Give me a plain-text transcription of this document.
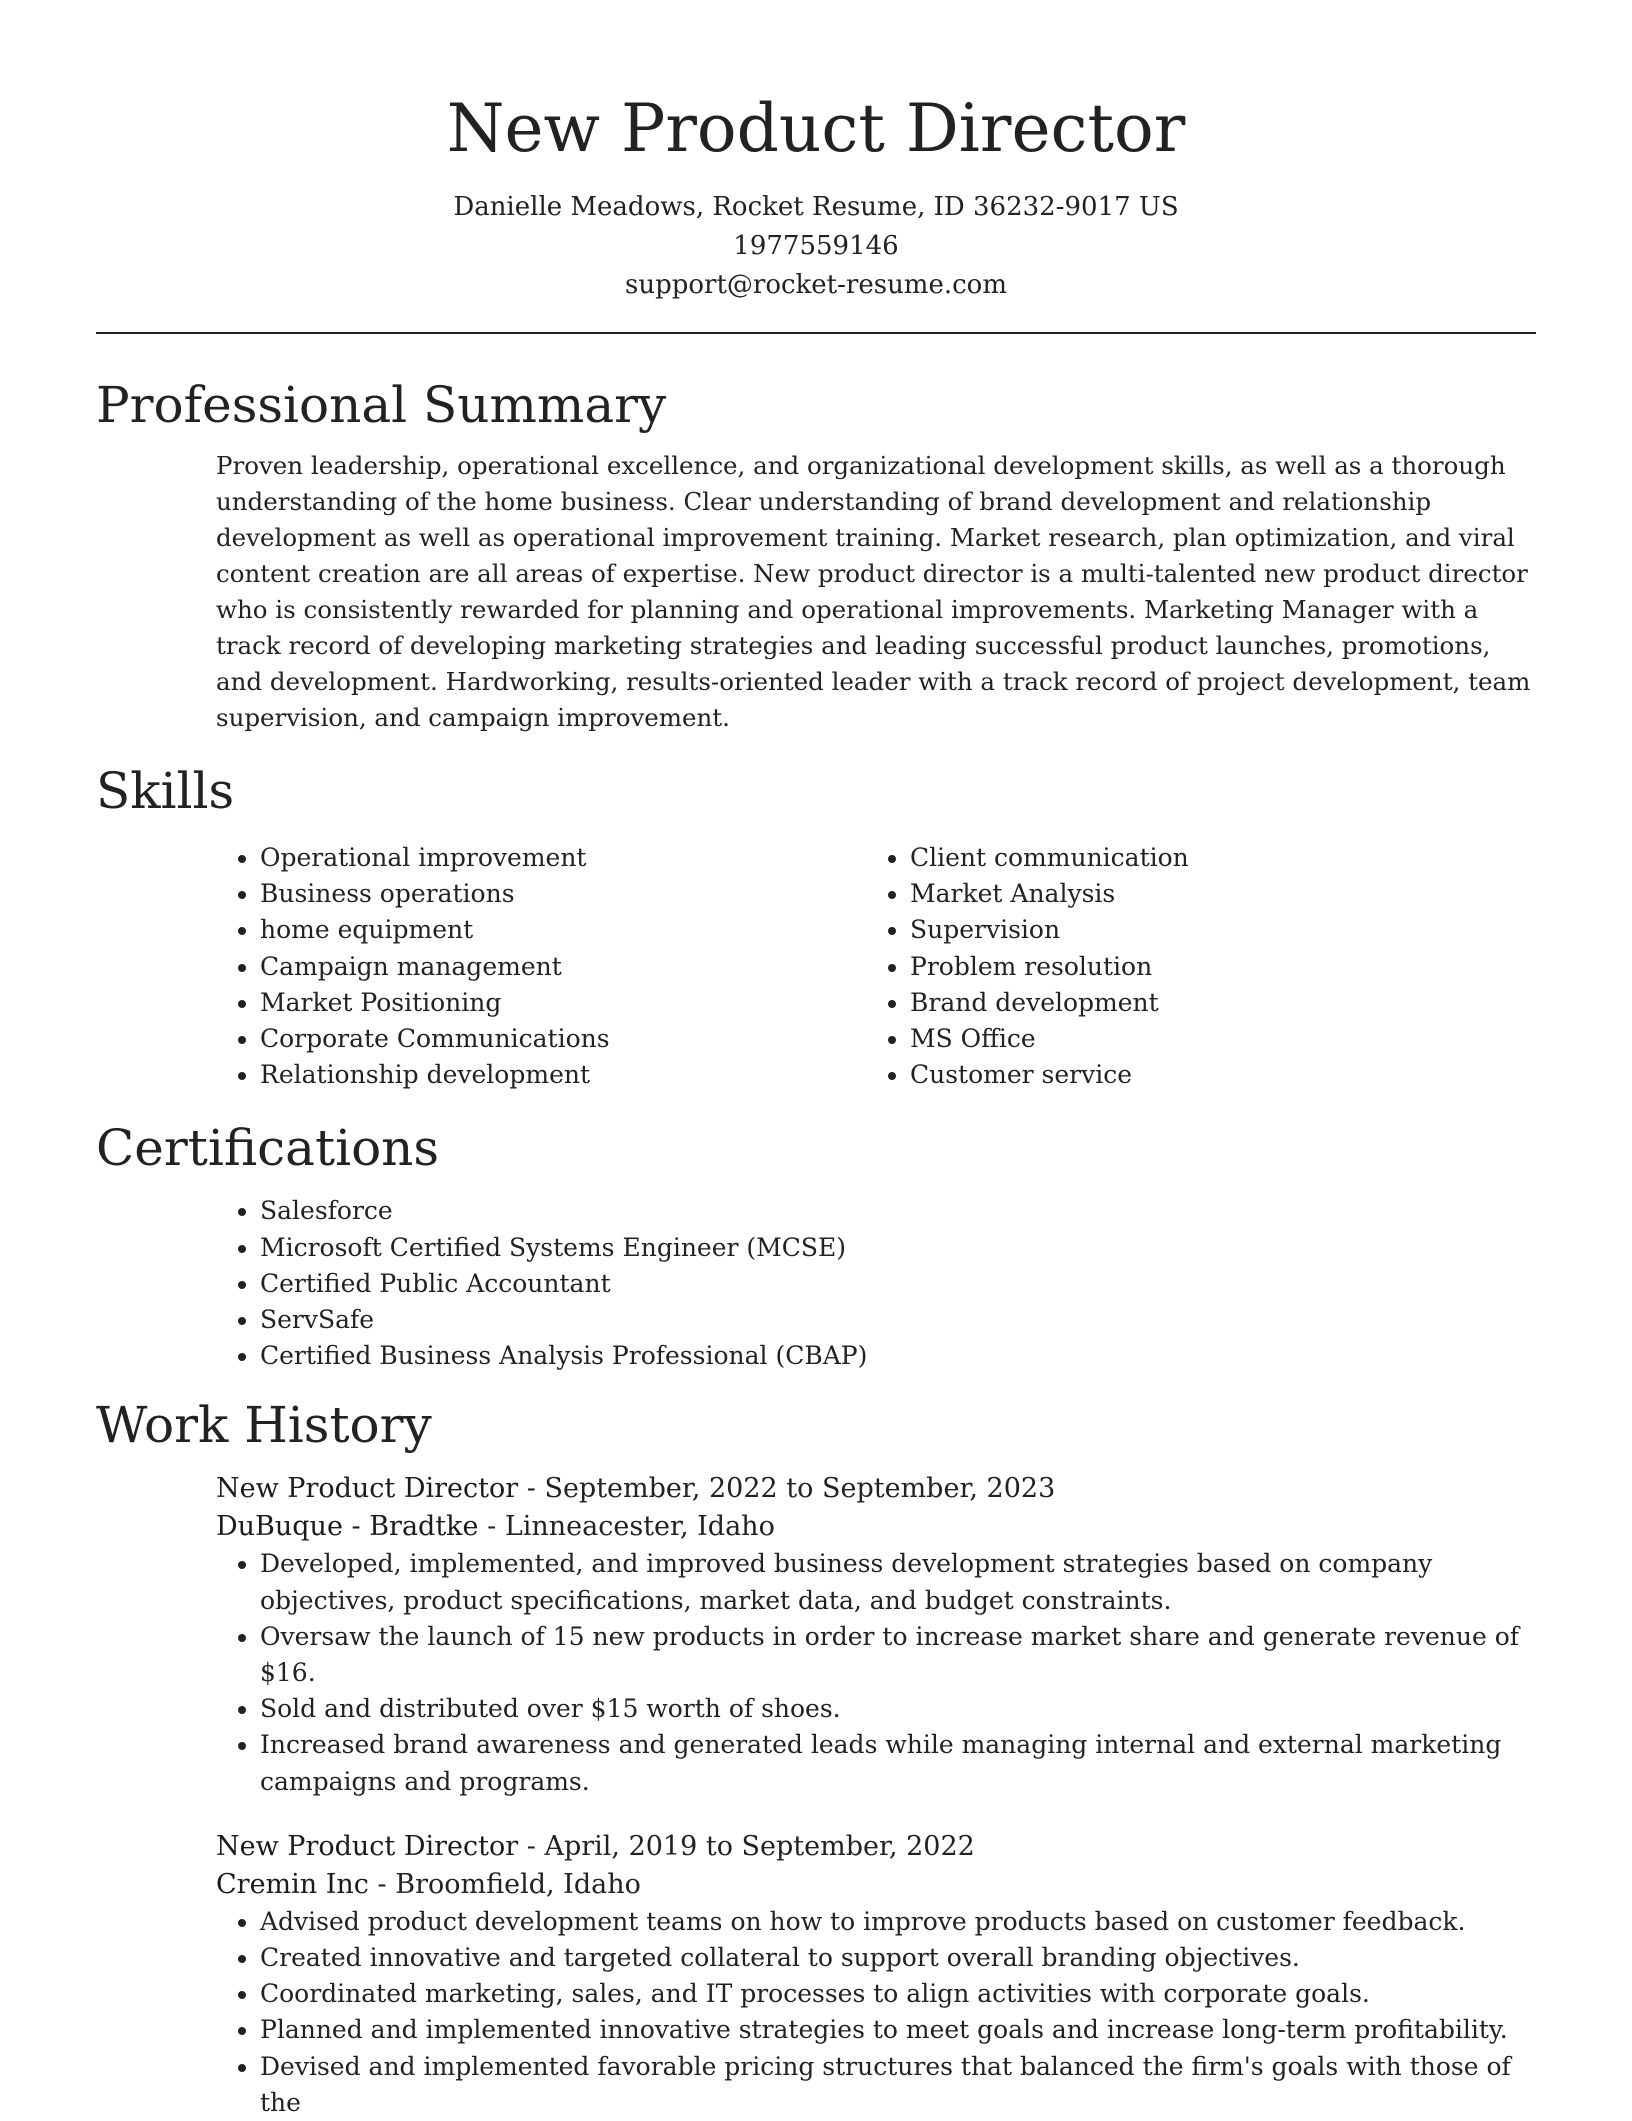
New Product Director
Danielle Meadows, Rocket Resume, ID 36232-9017 US
1977559146
support@rocket-resume.com
Professional Summary

Proven leadership, operational excellence, and organizational development skills, as well as a thorough understanding of the home business. Clear understanding of brand development and relationship development as well as operational improvement training. Market research, plan optimization, and viral content creation are all areas of expertise. New product director is a multi-talented new product director who is consistently rewarded for planning and operational improvements. Marketing Manager with a track record of developing marketing strategies and leading successful product launches, promotions, and development. Hardworking, results-oriented leader with a track record of project development, team supervision, and campaign improvement.

Skills
• Operational improvement
• Business operations
• home equipment
• Campaign management
• Market Positioning
• Corporate Communications
• Relationship development
• Client communication
• Market Analysis
• Supervision
• Problem resolution
• Brand development
• MS Office
• Customer service
Certifications
• Salesforce
• Microsoft Certified Systems Engineer (MCSE)
• Certified Public Accountant
• ServSafe
• Certified Business Analysis Professional (CBAP)
Work History
New Product Director - September, 2022 to September, 2023
DuBuque - Bradtke - Linneacester, Idaho
• Developed, implemented, and improved business development strategies based on company objectives, product specifications, market data, and budget constraints.
• Oversaw the launch of 15 new products in order to increase market share and generate revenue of $16.
• Sold and distributed over $15 worth of shoes.
• Increased brand awareness and generated leads while managing internal and external marketing campaigns and programs.
New Product Director - April, 2019 to September, 2022
Cremin Inc - Broomfield, Idaho
• Advised product development teams on how to improve products based on customer feedback.
• Created innovative and targeted collateral to support overall branding objectives.
• Coordinated marketing, sales, and IT processes to align activities with corporate goals.
• Planned and implemented innovative strategies to meet goals and increase long-term profitability.
• Devised and implemented favorable pricing structures that balanced the firm's goals with those of the
